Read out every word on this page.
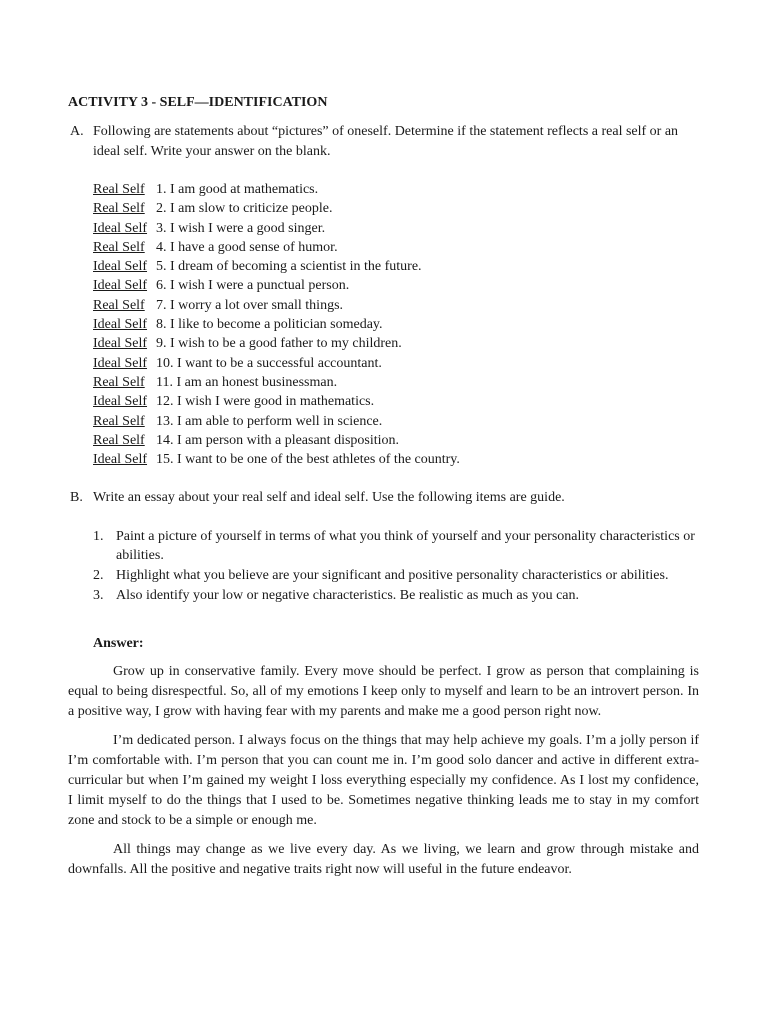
ACTIVITY 3 - SELF—IDENTIFICATION
A. Following are statements about “pictures” of oneself. Determine if the statement reflects a real self or an ideal self. Write your answer on the blank.
Real Self 1. I am good at mathematics.
Real Self 2. I am slow to criticize people.
Ideal Self 3. I wish I were a good singer.
Real Self 4. I have a good sense of humor.
Ideal Self 5. I dream of becoming a scientist in the future.
Ideal Self 6. I wish I were a punctual person.
Real Self 7. I worry a lot over small things.
Ideal Self 8. I like to become a politician someday.
Ideal Self 9. I wish to be a good father to my children.
Ideal Self 10. I want to be a successful accountant.
Real Self 11. I am an honest businessman.
Ideal Self 12. I wish I were good in mathematics.
Real Self 13. I am able to perform well in science.
Real Self 14. I am person with a pleasant disposition.
Ideal Self 15. I want to be one of the best athletes of the country.
B. Write an essay about your real self and ideal self. Use the following items are guide.
1. Paint a picture of yourself in terms of what you think of yourself and your personality characteristics or abilities.
2. Highlight what you believe are your significant and positive personality characteristics or abilities.
3. Also identify your low or negative characteristics. Be realistic as much as you can.
Answer:

Grow up in conservative family. Every move should be perfect. I grow as person that complaining is equal to being disrespectful. So, all of my emotions I keep only to myself and learn to be an introvert person. In a positive way, I grow with having fear with my parents and make me a good person right now.

I’m dedicated person. I always focus on the things that may help achieve my goals. I’m a jolly person if I’m comfortable with. I’m person that you can count me in. I’m good solo dancer and active in different extra-curricular but when I’m gained my weight I loss everything especially my confidence. As I lost my confidence, I limit myself to do the things that I used to be. Sometimes negative thinking leads me to stay in my comfort zone and stock to be a simple or enough me.

All things may change as we live every day. As we living, we learn and grow through mistake and downfalls. All the positive and negative traits right now will useful in the future endeavor.
